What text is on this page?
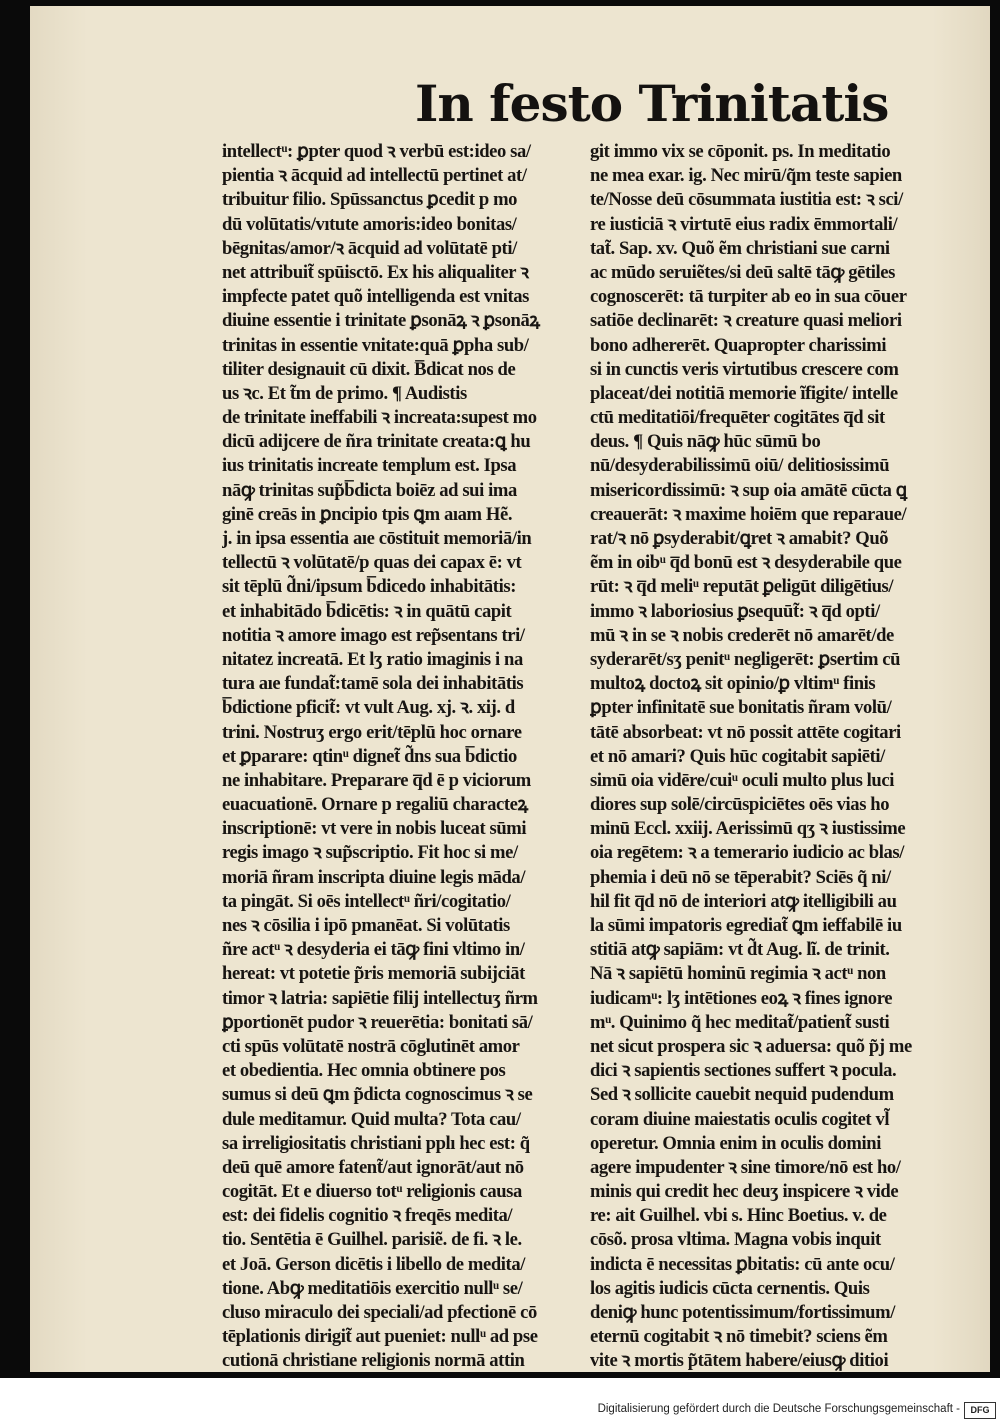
In festo Trinitatis
intellectᵘ: ꝑpter quod ꝛ verbū est:ideo sa/
pientia ꝛ ācquid ad intellectū pertinet at/
tribuitur filio. Spūssanctus ꝑcedit p mo
dū volūtatis/vıtute amoris:ideo bonitas/
bēgnitas/amor/ꝛ ācquid ad volūtatē pti/
net attribuit̃ spūisctō. Ex his aliqualiter ꝛ
impfecte patet quõ intelligenda est vnitas
diuine essentie i trinitate ꝑsonāꝝ ꝛ ꝑsonāꝝ
trinitas in essentie vnitate:quā ꝑpha sub/
tiliter designauit cū dixit. B̅dicat nos de
us ꝛc. Et t̃m de primo. ¶ Audistis
de trinitate ineffabili ꝛ increata:supest mo
dicū adijcere de ñra trinitate creata:ꝗ hu
ius trinitatis increate templum est. Ipsa
nāꝙ trinitas sup̃b̅dicta boiēz ad sui ima
ginē creās in ꝑncipio tpis ꝗm aıam Hẽ.
j. in ipsa essentia aıe cōstituit memoriā/in
tellectū ꝛ volūtatē/p quas dei capax ē: vt
sit tēplū d̃ni/ipsum b̅dicedo inhabitātis:
et inhabitādo b̅dicētis: ꝛ in quātū capit
notitia ꝛ amore imago est rep̃sentans tri/
nitatez increatā. Et lʒ ratio imaginis i na
tura aıe fundat̃:tamē sola dei inhabitātis
b̅dictione pficit̃: vt vult Aug. xj. ꝛ. xij. d
trini. Nostruʒ ergo erit/tēplū hoc ornare
et ꝑparare: qtinᵘ dignet̃ d̃ns sua b̅dictio
ne inhabitare. Preparare q̅d ē p viciorum
euacuationē. Ornare p regaliū characteꝝ
inscriptionē: vt vere in nobis luceat sūmi
regis imago ꝛ sup̃scriptio. Fit hoc si me/
moriā ñram inscripta diuine legis māda/
ta pingāt. Si oēs intellectᵘ ñri/cogitatio/
nes ꝛ cōsilia i ipō pmanēat. Si volūtatis
ñre actᵘ ꝛ desyderia ei tāꝙ fini vltimo in/
hereat: vt potetie p̃ris memoriā subijciāt
timor ꝛ latria: sapiētie filij intellectuʒ ñrm
ꝑportionēt pudor ꝛ reuerētia: bonitati sā/
cti spūs volūtatē nostrā cōglutinēt amor
et obedientia. Hec omnia obtinere pos
sumus si deū ꝗm p̃dicta cognoscimus ꝛ se
dule meditamur. Quid multa? Tota cau/
sa irreligiositatis christiani pplı hec est: q̃
deū quē amore fatent̃/aut ignorāt/aut nō
cogitāt. Et e diuerso totᵘ religionis causa
est: dei fidelis cognitio ꝛ freqēs medita/
tio. Sentētia ē Guilhel. parisiẽ. de fi. ꝛ le.
et Joā. Gerson dicētis i libello de medita/
tione. Abꝙ meditatiōis exercitio nullᵘ se/
cluso miraculo dei speciali/ad pfectionē cō
tēplationis dirigit̃ aut pueniet: nullᵘ ad pse
cutionā christiane religionis normā attin
git immo vix se cōponit. ps. In meditatio
ne mea exar. ig. Nec mirū/q̃m teste sapien
te/Nosse deū cōsummata iustitia est: ꝛ sci/
re iusticiā ꝛ virtutē eius radix ēmmortali/
tat̃. Sap. xv. Quõ ẽm christiani sue carni
ac mūdo seruiẽtes/si deū saltē tāꝙ gētiles
cognoscerēt: tā turpiter ab eo in sua cōuer
satiōe declinarēt: ꝛ creature quasi meliori
bono adhererēt. Quapropter charissimi
si in cunctis veris virtutibus crescere com
placeat/dei notitiā memorie ĩfigite/ intelle
ctū meditatiōi/frequēter cogitātes q̅d sit
deus. ¶ Quis nāꝙ hūc sūmū bo
nū/desyderabilissimū oiū/ delitiosissimū
misericordissimū: ꝛ sup oia amātē cūcta ꝗ
creauerāt: ꝛ maxime hoiēm que reparaue/
rat/ꝛ nō ꝑsyderabit/ꝗret ꝛ amabit? Quõ
ẽm in oibᵘ q̅d bonū est ꝛ desyderabile que
rūt: ꝛ q̅d meliᵘ reputāt ꝑeligūt diligētius/
immo ꝛ laboriosius ꝑsequūt̃: ꝛ q̅d opti/
mū ꝛ in se ꝛ nobis crederēt nō amarēt/de
syderarēt/sʒ penitᵘ negligerēt: ꝑsertim cū
multoꝝ doctoꝝ sit opinio/ꝑ vltimᵘ finis
ꝑpter infinitatē sue bonitatis ñram volū/
tātē absorbeat: vt nō possit attēte cogitari
et nō amari? Quis hūc cogitabit sapiēti/
simū oia vidēre/cuiᵘ oculi multo plus luci
diores sup solē/circūspiciētes oēs vias ho
minū Eccl. xxiij. Aerissimū qʒ ꝛ iustissime
oia regētem: ꝛ a temerario iudicio ac blas/
phemia i deū nō se tēperabit? Sciēs q̃ ni/
hil fit q̅d nō de interiori atꝙ itelligibili au
la sūmi impatoris egrediat̃ ꝗm ieffabilē iu
stitiā atꝙ sapiām: vt d̃t Aug. lĩ. de trinit.
Nā ꝛ sapiētū hominū regimia ꝛ actᵘ non
iudicamᵘ: lʒ intētiones eoꝝ ꝛ fines ignore
mᵘ. Quinimo q̃ hec meditat̃/patient̃ susti
net sicut prospera sic ꝛ aduersa: quõ p̃j me
dici ꝛ sapientis sectiones suffert ꝛ pocula.
Sed ꝛ sollicite cauebit nequid pudendum
coram diuine maiestatis oculis cogitet vl̃
operetur. Omnia enim in oculis domini
agere impudenter ꝛ sine timore/nō est ho/
minis qui credit hec deuʒ inspicere ꝛ vide
re: ait Guilhel. vbi s. Hinc Boetius. v. de
cōsõ. prosa vltima. Magna vobis inquit
indicta ē necessitas ꝑbitatis: cū ante ocu/
los agitis iudicis cūcta cernentis. Quis
deniꝙ hunc potentissimum/fortissimum/
eternū cogitabit ꝛ nō timebit? sciens ẽm
vite ꝛ mortis p̃tātem habere/eiusꝙ ditioi
Digitalisierung gefördert durch die Deutsche Forschungsgemeinschaft -	DFG
